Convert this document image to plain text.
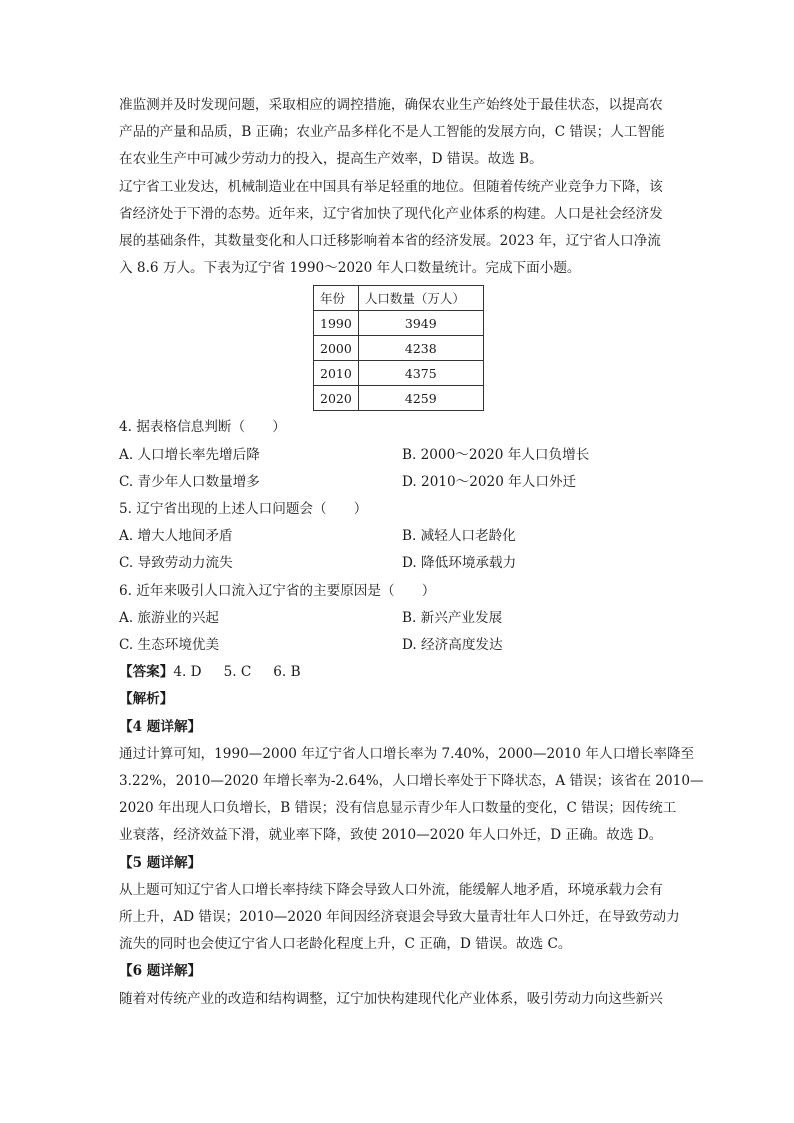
准监测并及时发现问题，采取相应的调控措施，确保农业生产始终处于最佳状态，以提高农
产品的产量和品质，B 正确；农业产品多样化不是人工智能的发展方向，C 错误；人工智能
在农业生产中可减少劳动力的投入，提高生产效率，D 错误。故选 B。
辽宁省工业发达，机械制造业在中国具有举足轻重的地位。但随着传统产业竞争力下降，该
省经济处于下滑的态势。近年来，辽宁省加快了现代化产业体系的构建。人口是社会经济发
展的基础条件，其数量变化和人口迁移影响着本省的经济发展。2023 年，辽宁省人口净流
入 8.6 万人。下表为辽宁省 1990～2020 年人口数量统计。完成下面小题。
年份	人口数量（万人）
1990	3949
2000	4238
2010	4375
2020	4259
4. 据表格信息判断（　　）
A. 人口增长率先增后降	B. 2000～2020 年人口负增长
C. 青少年人口数量增多	D. 2010～2020 年人口外迁
5. 辽宁省出现的上述人口问题会（　　）
A. 增大人地间矛盾	B. 减轻人口老龄化
C. 导致劳动力流失	D. 降低环境承载力
6. 近年来吸引人口流入辽宁省的主要原因是（　　）
A. 旅游业的兴起	B. 新兴产业发展
C. 生态环境优美	D. 经济高度发达
【答案】4. D 5. C 6. B
【解析】
【4 题详解】
通过计算可知，1990—2000 年辽宁省人口增长率为 7.40%，2000—2010 年人口增长率降至
3.22%，2010—2020 年增长率为-2.64%，人口增长率处于下降状态，A 错误；该省在 2010—
2020 年出现人口负增长，B 错误；没有信息显示青少年人口数量的变化，C 错误；因传统工
业衰落，经济效益下滑，就业率下降，致使 2010—2020 年人口外迁，D 正确。故选 D。
【5 题详解】
从上题可知辽宁省人口增长率持续下降会导致人口外流，能缓解人地矛盾，环境承载力会有
所上升，AD 错误；2010—2020 年间因经济衰退会导致大量青壮年人口外迁，在导致劳动力
流失的同时也会使辽宁省人口老龄化程度上升，C 正确，D 错误。故选 C。
【6 题详解】
随着对传统产业的改造和结构调整，辽宁加快构建现代化产业体系，吸引劳动力向这些新兴
